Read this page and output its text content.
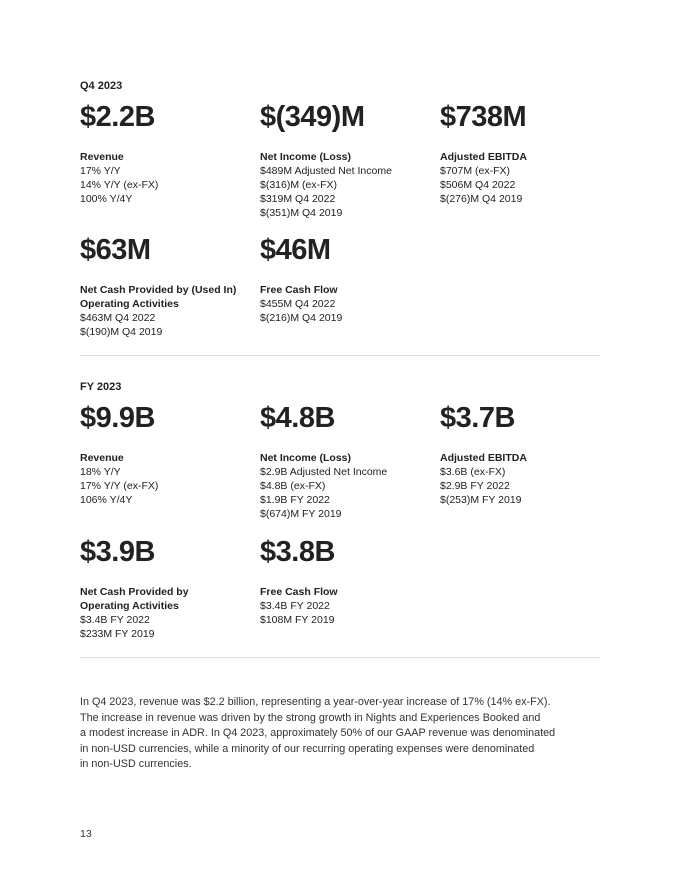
Q4 2023
$2.2B
Revenue
17% Y/Y
14% Y/Y (ex-FX)
100% Y/4Y
$(349)M
Net Income (Loss)
$489M Adjusted Net Income
$(316)M (ex-FX)
$319M Q4 2022
$(351)M Q4 2019
$738M
Adjusted EBITDA
$707M (ex-FX)
$506M Q4 2022
$(276)M Q4 2019
$63M
Net Cash Provided by (Used In) Operating Activities
$463M Q4 2022
$(190)M Q4 2019
$46M
Free Cash Flow
$455M Q4 2022
$(216)M Q4 2019
FY 2023
$9.9B
Revenue
18% Y/Y
17% Y/Y (ex-FX)
106% Y/4Y
$4.8B
Net Income (Loss)
$2.9B Adjusted Net Income
$4.8B (ex-FX)
$1.9B FY 2022
$(674)M FY 2019
$3.7B
Adjusted EBITDA
$3.6B (ex-FX)
$2.9B FY 2022
$(253)M FY 2019
$3.9B
Net Cash Provided by Operating Activities
$3.4B FY 2022
$233M FY 2019
$3.8B
Free Cash Flow
$3.4B FY 2022
$108M FY 2019
In Q4 2023, revenue was $2.2 billion, representing a year-over-year increase of 17% (14% ex-FX).
The increase in revenue was driven by the strong growth in Nights and Experiences Booked and
a modest increase in ADR. In Q4 2023, approximately 50% of our GAAP revenue was denominated
in non-USD currencies, while a minority of our recurring operating expenses were denominated
in non-USD currencies.
13
